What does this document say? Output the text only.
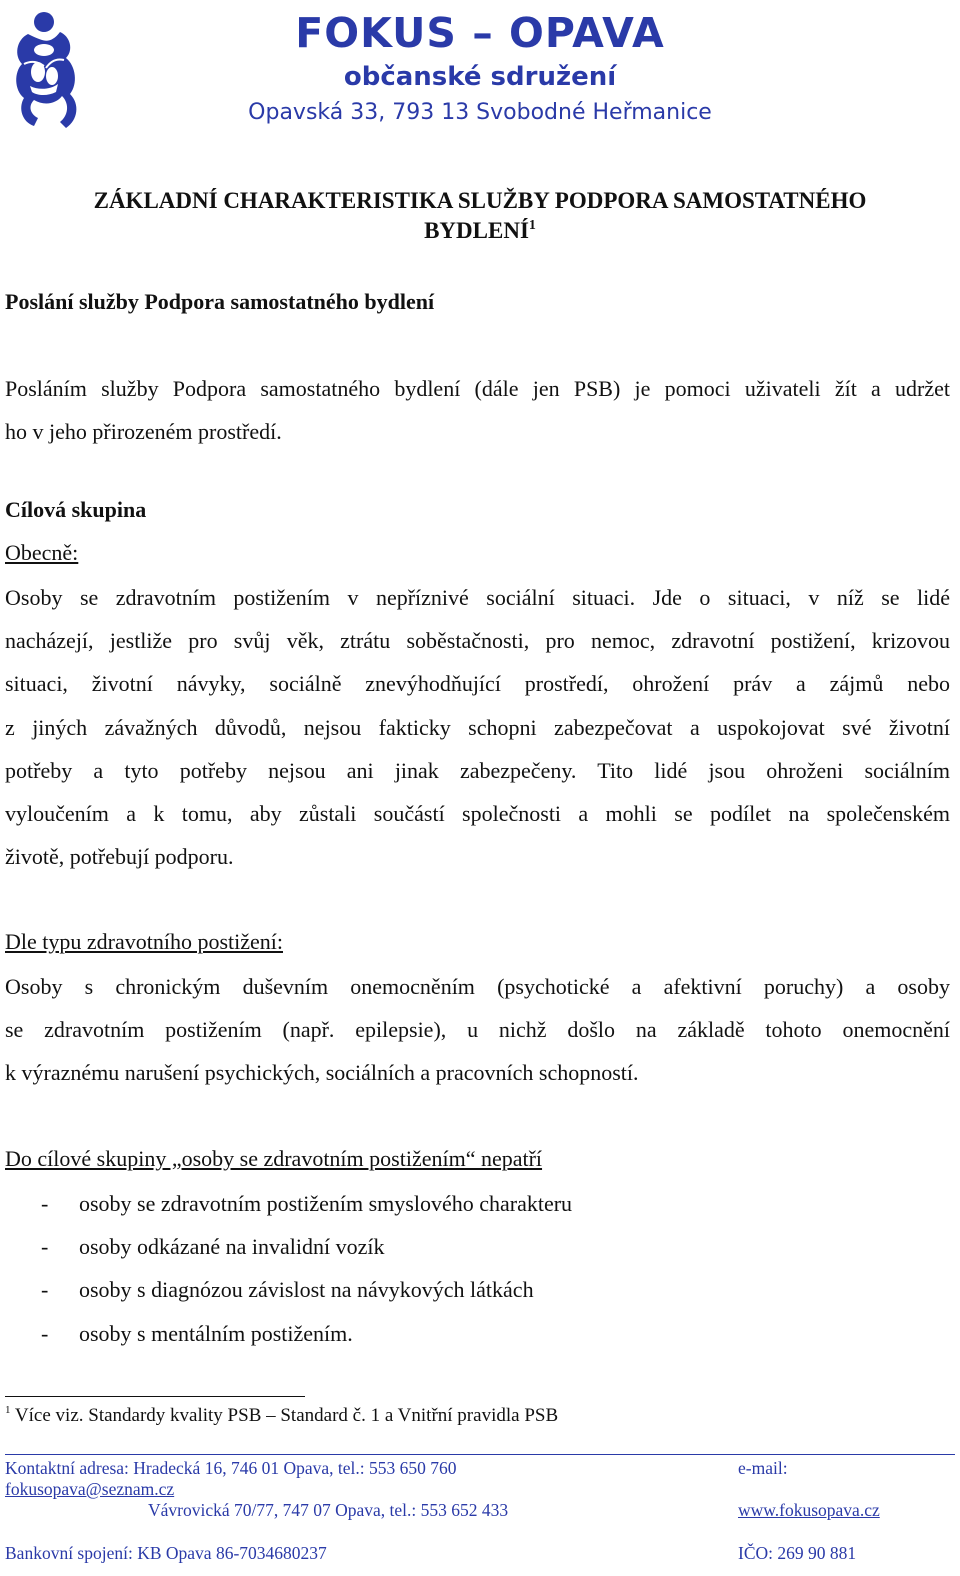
FOKUS – OPAVA
občanské sdružení
Opavská 33, 793 13 Svobodné Heřmanice
ZÁKLADNÍ CHARAKTERISTIKA SLUŽBY PODPORA SAMOSTATNÉHO
BYDLENÍ$^1$
Poslání služby Podpora samostatného bydlení
Posláním služby Podpora samostatného bydlení (dále jen PSB) je pomoci uživateli žít a udržet
ho v jeho přirozeném prostředí.
Cílová skupina
Obecně:
Osoby se zdravotním postižením v nepříznivé sociální situaci. Jde o situaci, v níž se lidé
nacházejí, jestliže pro svůj věk, ztrátu soběstačnosti, pro nemoc, zdravotní postižení, krizovou
situaci, životní návyky, sociálně znevýhodňující prostředí, ohrožení práv a zájmů nebo
z jiných závažných důvodů, nejsou fakticky schopni zabezpečovat a uspokojovat své životní
potřeby a tyto potřeby nejsou ani jinak zabezpečeny. Tito lidé jsou ohroženi sociálním
vyloučením a k tomu, aby zůstali součástí společnosti a mohli se podílet na společenském
životě, potřebují podporu.
Dle typu zdravotního postižení:
Osoby s chronickým duševním onemocněním (psychotické a afektivní poruchy) a osoby
se zdravotním postižením (např. epilepsie), u nichž došlo na základě tohoto onemocnění
k výraznému narušení psychických, sociálních a pracovních schopností.
Do cílové skupiny „osoby se zdravotním postižením“ nepatří
- osoby se zdravotním postižením smyslového charakteru
- osoby odkázané na invalidní vozík
- osoby s diagnózou závislost na návykových látkách
- osoby s mentálním postižením.
$^1$ Více viz. Standardy kvality PSB – Standard č. 1 a Vnitřní pravidla PSB
Kontaktní adresa: Hradecká 16, 746 01 Opava, tel.: 553 650 760	e-mail:
fokusopava@seznam.cz
Vávrovická 70/77, 747 07 Opava, tel.: 553 652 433	www.fokusopava.cz
Bankovní spojení: KB Opava 86-7034680237	IČO: 269 90 881
